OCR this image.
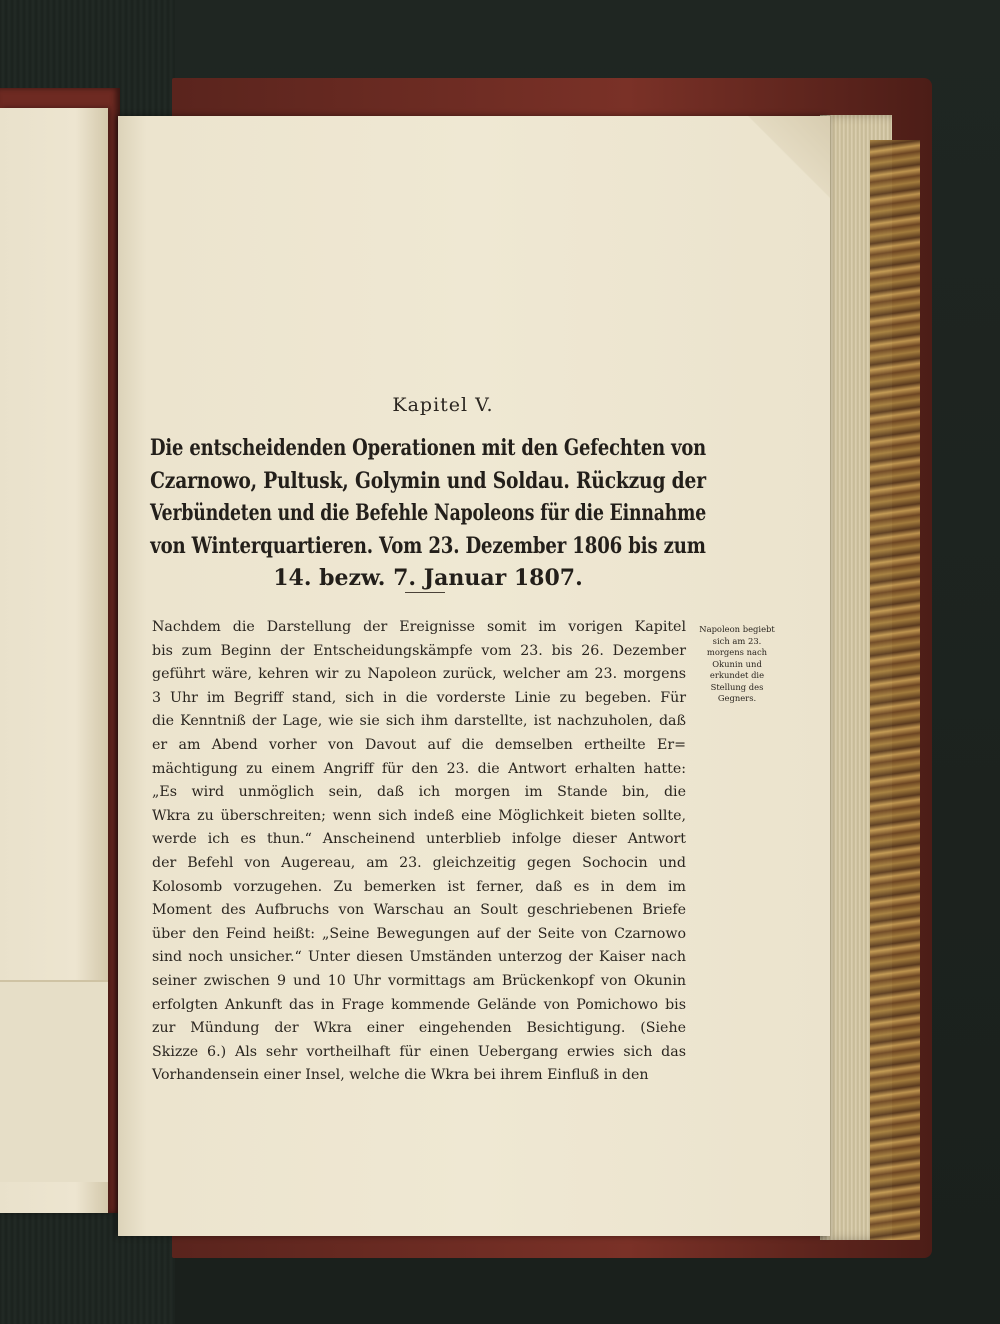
Kapitel V.
Die entscheidenden Operationen mit den Gefechten von
Czarnowo, Pultusk, Golymin und Soldau. Rückzug der
Verbündeten und die Befehle Napoleons für die Einnahme
von Winterquartieren. Vom 23. Dezember 1806 bis zum
14. bezw. 7. Januar 1807.
Nachdem die Darstellung der Ereignisse somit im vorigen Kapitel
bis zum Beginn der Entscheidungskämpfe vom 23. bis 26. Dezember
geführt wäre, kehren wir zu Napoleon zurück, welcher am 23. morgens
3 Uhr im Begriff stand, sich in die vorderste Linie zu begeben. Für
die Kenntniß der Lage, wie sie sich ihm darstellte, ist nachzuholen, daß
er am Abend vorher von Davout auf die demselben ertheilte Er=
mächtigung zu einem Angriff für den 23. die Antwort erhalten hatte:
„Es wird unmöglich sein, daß ich morgen im Stande bin, die
Wkra zu überschreiten; wenn sich indeß eine Möglichkeit bieten sollte,
werde ich es thun.“ Anscheinend unterblieb infolge dieser Antwort
der Befehl von Augereau, am 23. gleichzeitig gegen Sochocin und
Kolosomb vorzugehen. Zu bemerken ist ferner, daß es in dem im
Moment des Aufbruchs von Warschau an Soult geschriebenen Briefe
über den Feind heißt: „Seine Bewegungen auf der Seite von Czarnowo
sind noch unsicher.“ Unter diesen Umständen unterzog der Kaiser nach
seiner zwischen 9 und 10 Uhr vormittags am Brückenkopf von Okunin
erfolgten Ankunft das in Frage kommende Gelände von Pomichowo bis
zur Mündung der Wkra einer eingehenden Besichtigung. (Siehe
Skizze 6.) Als sehr vortheilhaft für einen Uebergang erwies sich das
Vorhandensein einer Insel, welche die Wkra bei ihrem Einfluß in den
Napoleon begiebt
sich am 23.
morgens nach
Okunin und
erkundet die
Stellung des
Gegners.
